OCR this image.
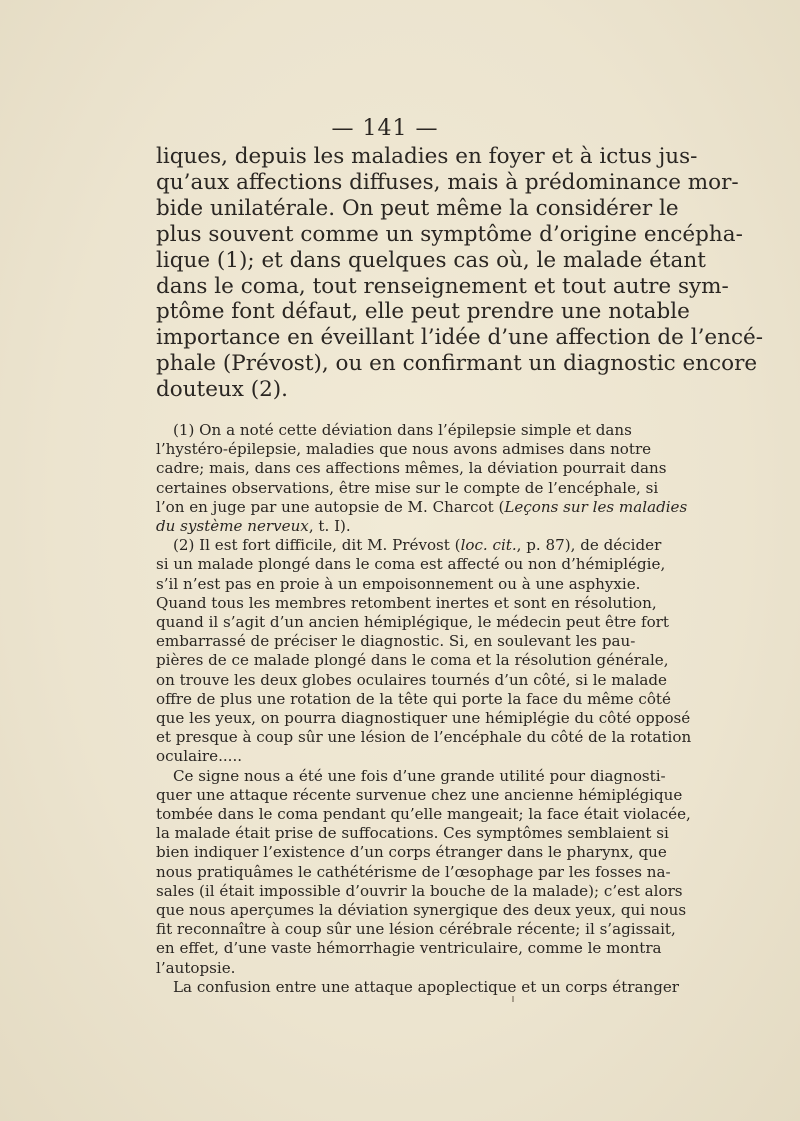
— 141 —
liques, depuis les maladies en foyer et à ictus jus-
qu’aux affections diffuses, mais à prédominance mor-
bide unilatérale. On peut même la considérer le
plus souvent comme un symptôme d’origine encépha-
lique (1); et dans quelques cas où, le malade étant
dans le coma, tout renseignement et tout autre sym-
ptôme font défaut, elle peut prendre une notable
importance en éveillant l’idée d’une affection de l’encé-
phale (Prévost), ou en confirmant un diagnostic encore
douteux (2).
(1) On a noté cette déviation dans l’épilepsie simple et dans
l’hystéro-épilepsie, maladies que nous avons admises dans notre
cadre; mais, dans ces affections mêmes, la déviation pourrait dans
certaines observations, être mise sur le compte de l’encéphale, si
l’on en juge par une autopsie de M. Charcot (Leçons sur les maladies
du système nerveux, t. I).
(2) Il est fort difficile, dit M. Prévost (loc. cit., p. 87), de décider
si un malade plongé dans le coma est affecté ou non d’hémiplégie,
s’il n’est pas en proie à un empoisonnement ou à une asphyxie.
Quand tous les membres retombent inertes et sont en résolution,
quand il s’agit d’un ancien hémiplégique, le médecin peut être fort
embarrassé de préciser le diagnostic. Si, en soulevant les pau-
pières de ce malade plongé dans le coma et la résolution générale,
on trouve les deux globes oculaires tournés d’un côté, si le malade
offre de plus une rotation de la tête qui porte la face du même côté
que les yeux, on pourra diagnostiquer une hémiplégie du côté opposé
et presque à coup sûr une lésion de l’encéphale du côté de la rotation
oculaire.....
Ce signe nous a été une fois d’une grande utilité pour diagnosti-
quer une attaque récente survenue chez une ancienne hémiplégique
tombée dans le coma pendant qu’elle mangeait; la face était violacée,
la malade était prise de suffocations. Ces symptômes semblaient si
bien indiquer l’existence d’un corps étranger dans le pharynx, que
nous pratiquâmes le cathétérisme de l’œsophage par les fosses na-
sales (il était impossible d’ouvrir la bouche de la malade); c’est alors
que nous aperçumes la déviation synergique des deux yeux, qui nous
fit reconnaître à coup sûr une lésion cérébrale récente; il s’agissait,
en effet, d’une vaste hémorrhagie ventriculaire, comme le montra
l’autopsie.
La confusion entre une attaque apoplectique et un corps étranger
